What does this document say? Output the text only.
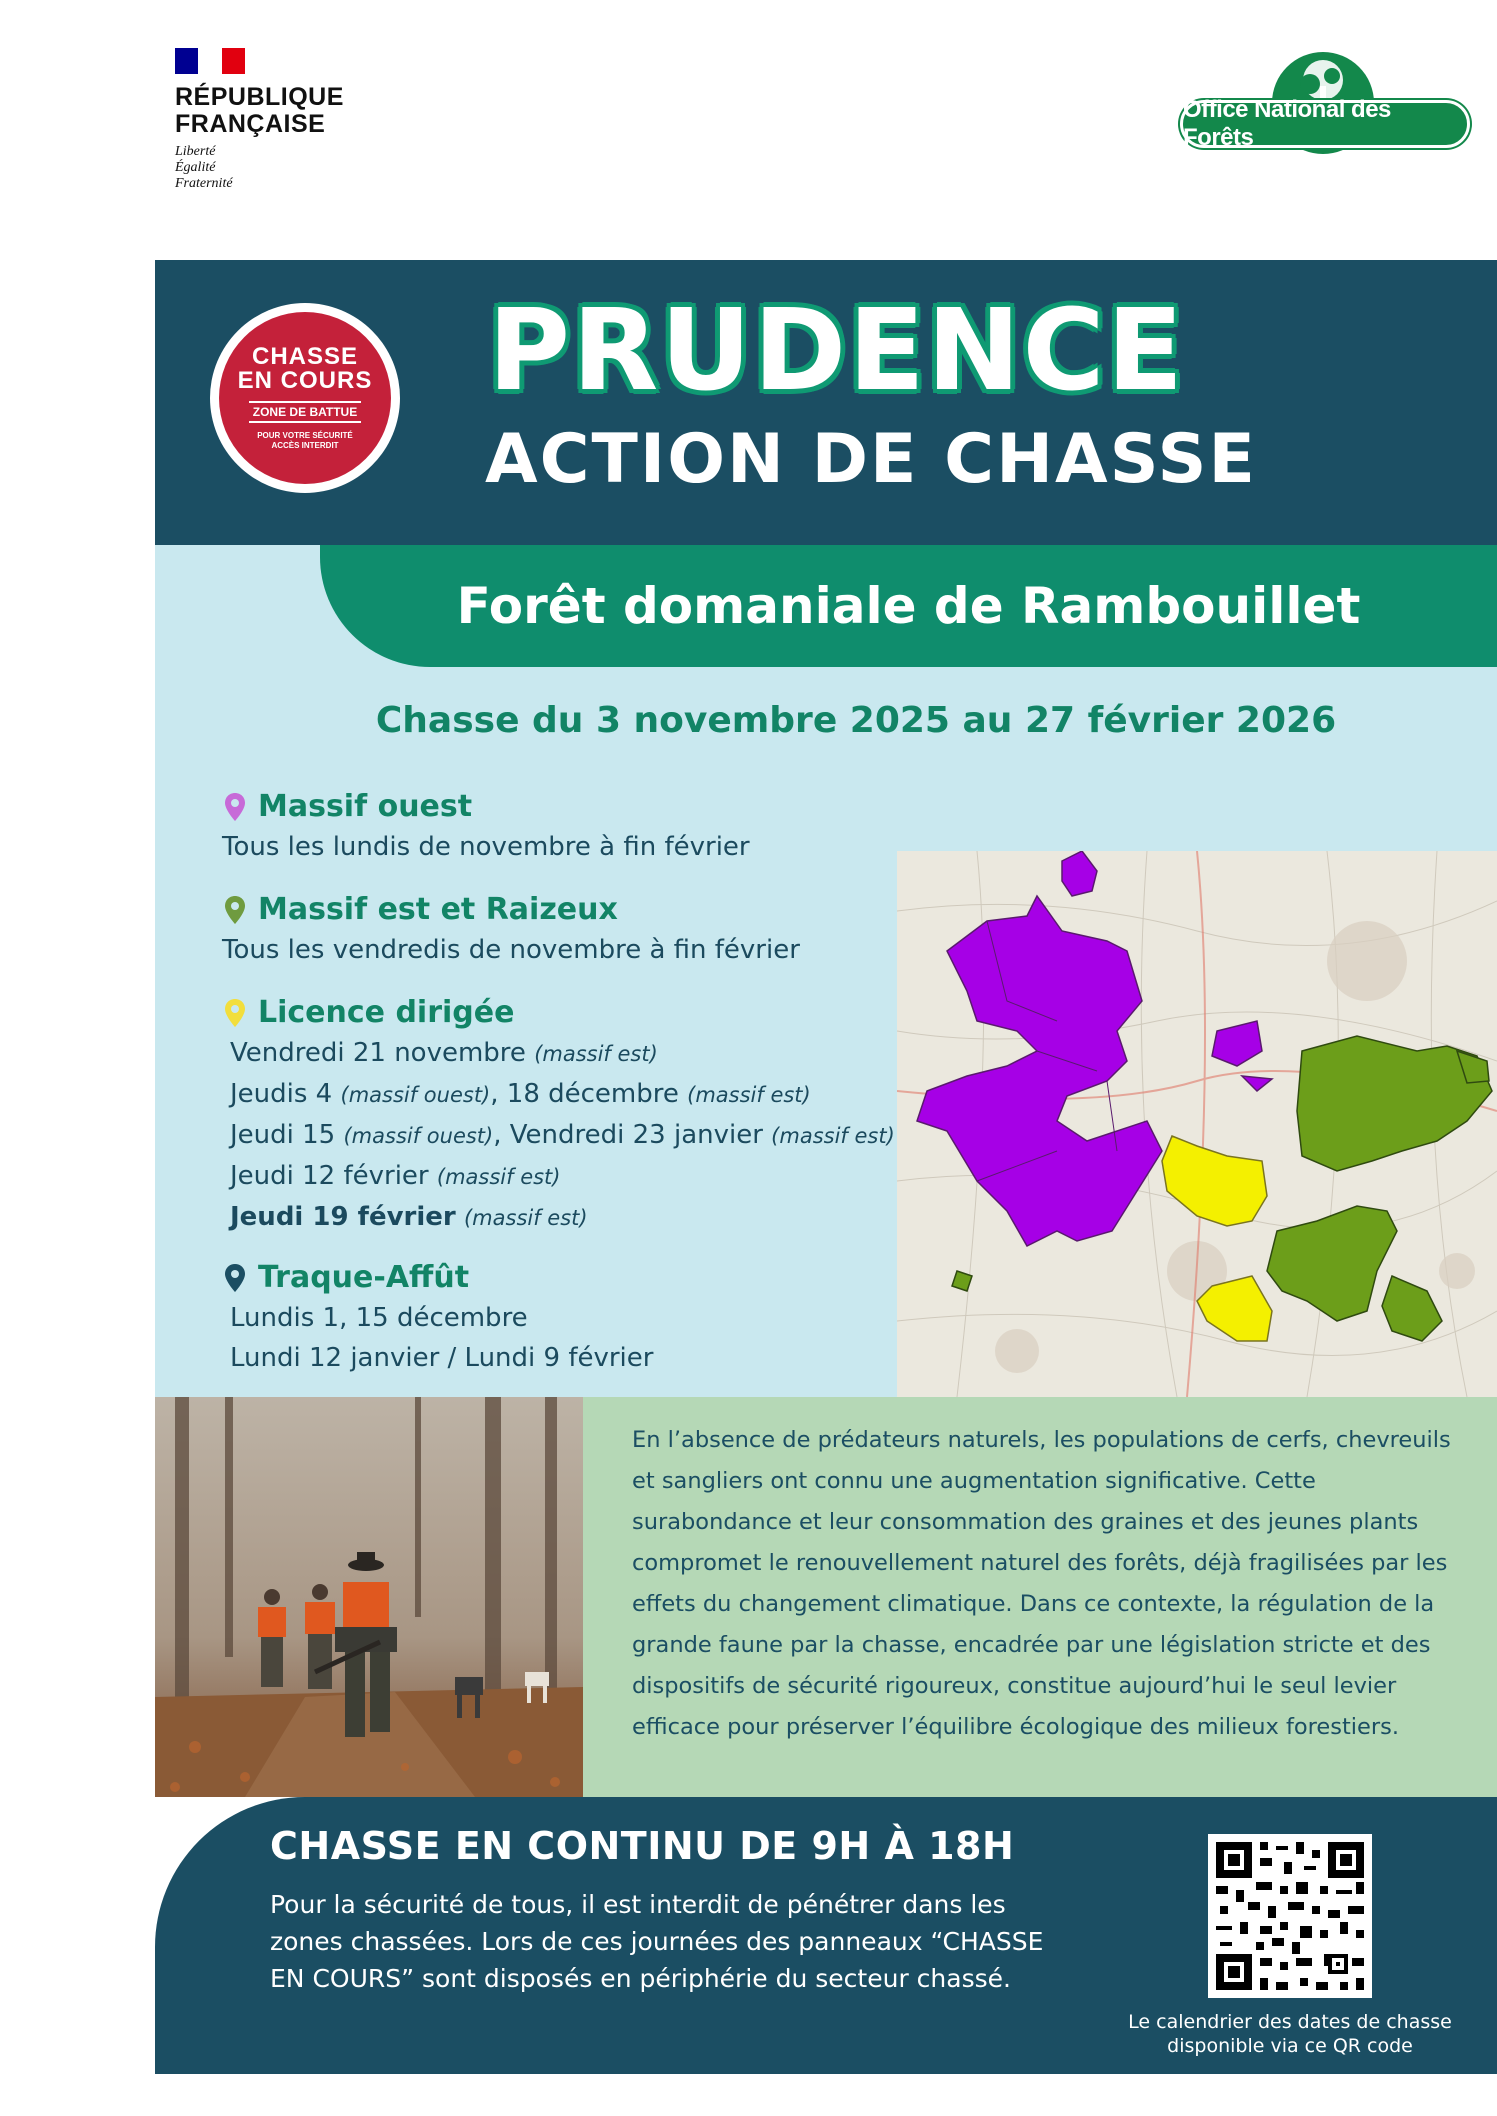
RÉPUBLIQUE
FRANÇAISE
Liberté
Égalité
Fraternité
Office National des Forêts
CHASSE
EN COURS
ZONE DE BATTUE
POUR VOTRE SÉCURITÉ
ACCÈS INTERDIT
PRUDENCE
ACTION DE CHASSE
Forêt domaniale de Rambouillet
Chasse du 3 novembre 2025 au 27 février 2026
Massif ouest
Tous les lundis de novembre à fin février
Massif est et Raizeux
Tous les vendredis de novembre à fin février
Licence dirigée
Vendredi 21 novembre (massif est)
Jeudis 4 (massif ouest), 18 décembre (massif est)
Jeudi 15 (massif ouest), Vendredi 23 janvier (massif est)
Jeudi 12 février (massif est)
Jeudi 19 février (massif est)
Traque-Affût
Lundis 1, 15 décembre
Lundi 12 janvier / Lundi 9 février
En l’absence de prédateurs naturels, les populations de cerfs, chevreuils et sangliers ont connu une augmentation significative. Cette surabondance et leur consommation des graines et des jeunes plants compromet le renouvellement naturel des forêts, déjà fragilisées par les effets du changement climatique. Dans ce contexte, la régulation de la grande faune par la chasse, encadrée par une législation stricte et des dispositifs de sécurité rigoureux, constitue aujourd’hui le seul levier efficace pour préserver l’équilibre écologique des milieux forestiers.
CHASSE EN CONTINU DE 9H À 18H
Pour la sécurité de tous, il est interdit de pénétrer dans les zones chassées. Lors de ces journées des panneaux “CHASSE EN COURS” sont disposés en périphérie du secteur chassé.
Le calendrier des dates de chasse
disponible via ce QR code
